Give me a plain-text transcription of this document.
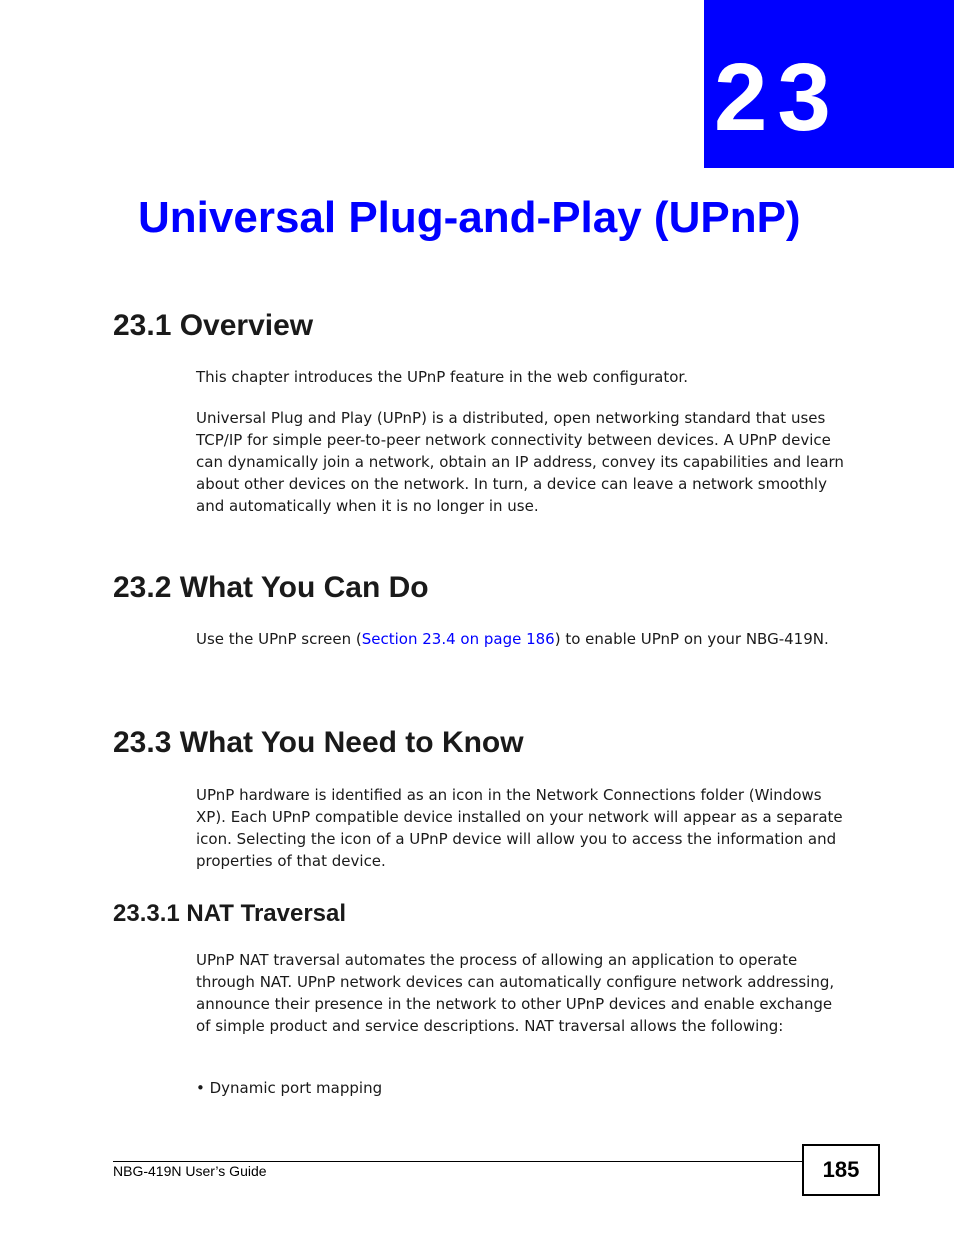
23
Universal Plug-and-Play (UPnP)
23.1 Overview

This chapter introduces the UPnP feature in the web configurator.

Universal Plug and Play (UPnP) is a distributed, open networking standard that uses TCP/IP for simple peer-to-peer network connectivity between devices. A UPnP device can dynamically join a network, obtain an IP address, convey its capabilities and learn about other devices on the network. In turn, a device can leave a network smoothly and automatically when it is no longer in use.

23.2 What You Can Do

Use the UPnP screen (Section 23.4 on page 186) to enable UPnP on your NBG-419N.

23.3 What You Need to Know

UPnP hardware is identified as an icon in the Network Connections folder (Windows XP). Each UPnP compatible device installed on your network will appear as a separate icon. Selecting the icon of a UPnP device will allow you to access the information and properties of that device.

23.3.1 NAT Traversal

UPnP NAT traversal automates the process of allowing an application to operate through NAT. UPnP network devices can automatically configure network addressing, announce their presence in the network to other UPnP devices and enable exchange of simple product and service descriptions. NAT traversal allows the following:

• Dynamic port mapping

NBG-419N User’s Guide	185
